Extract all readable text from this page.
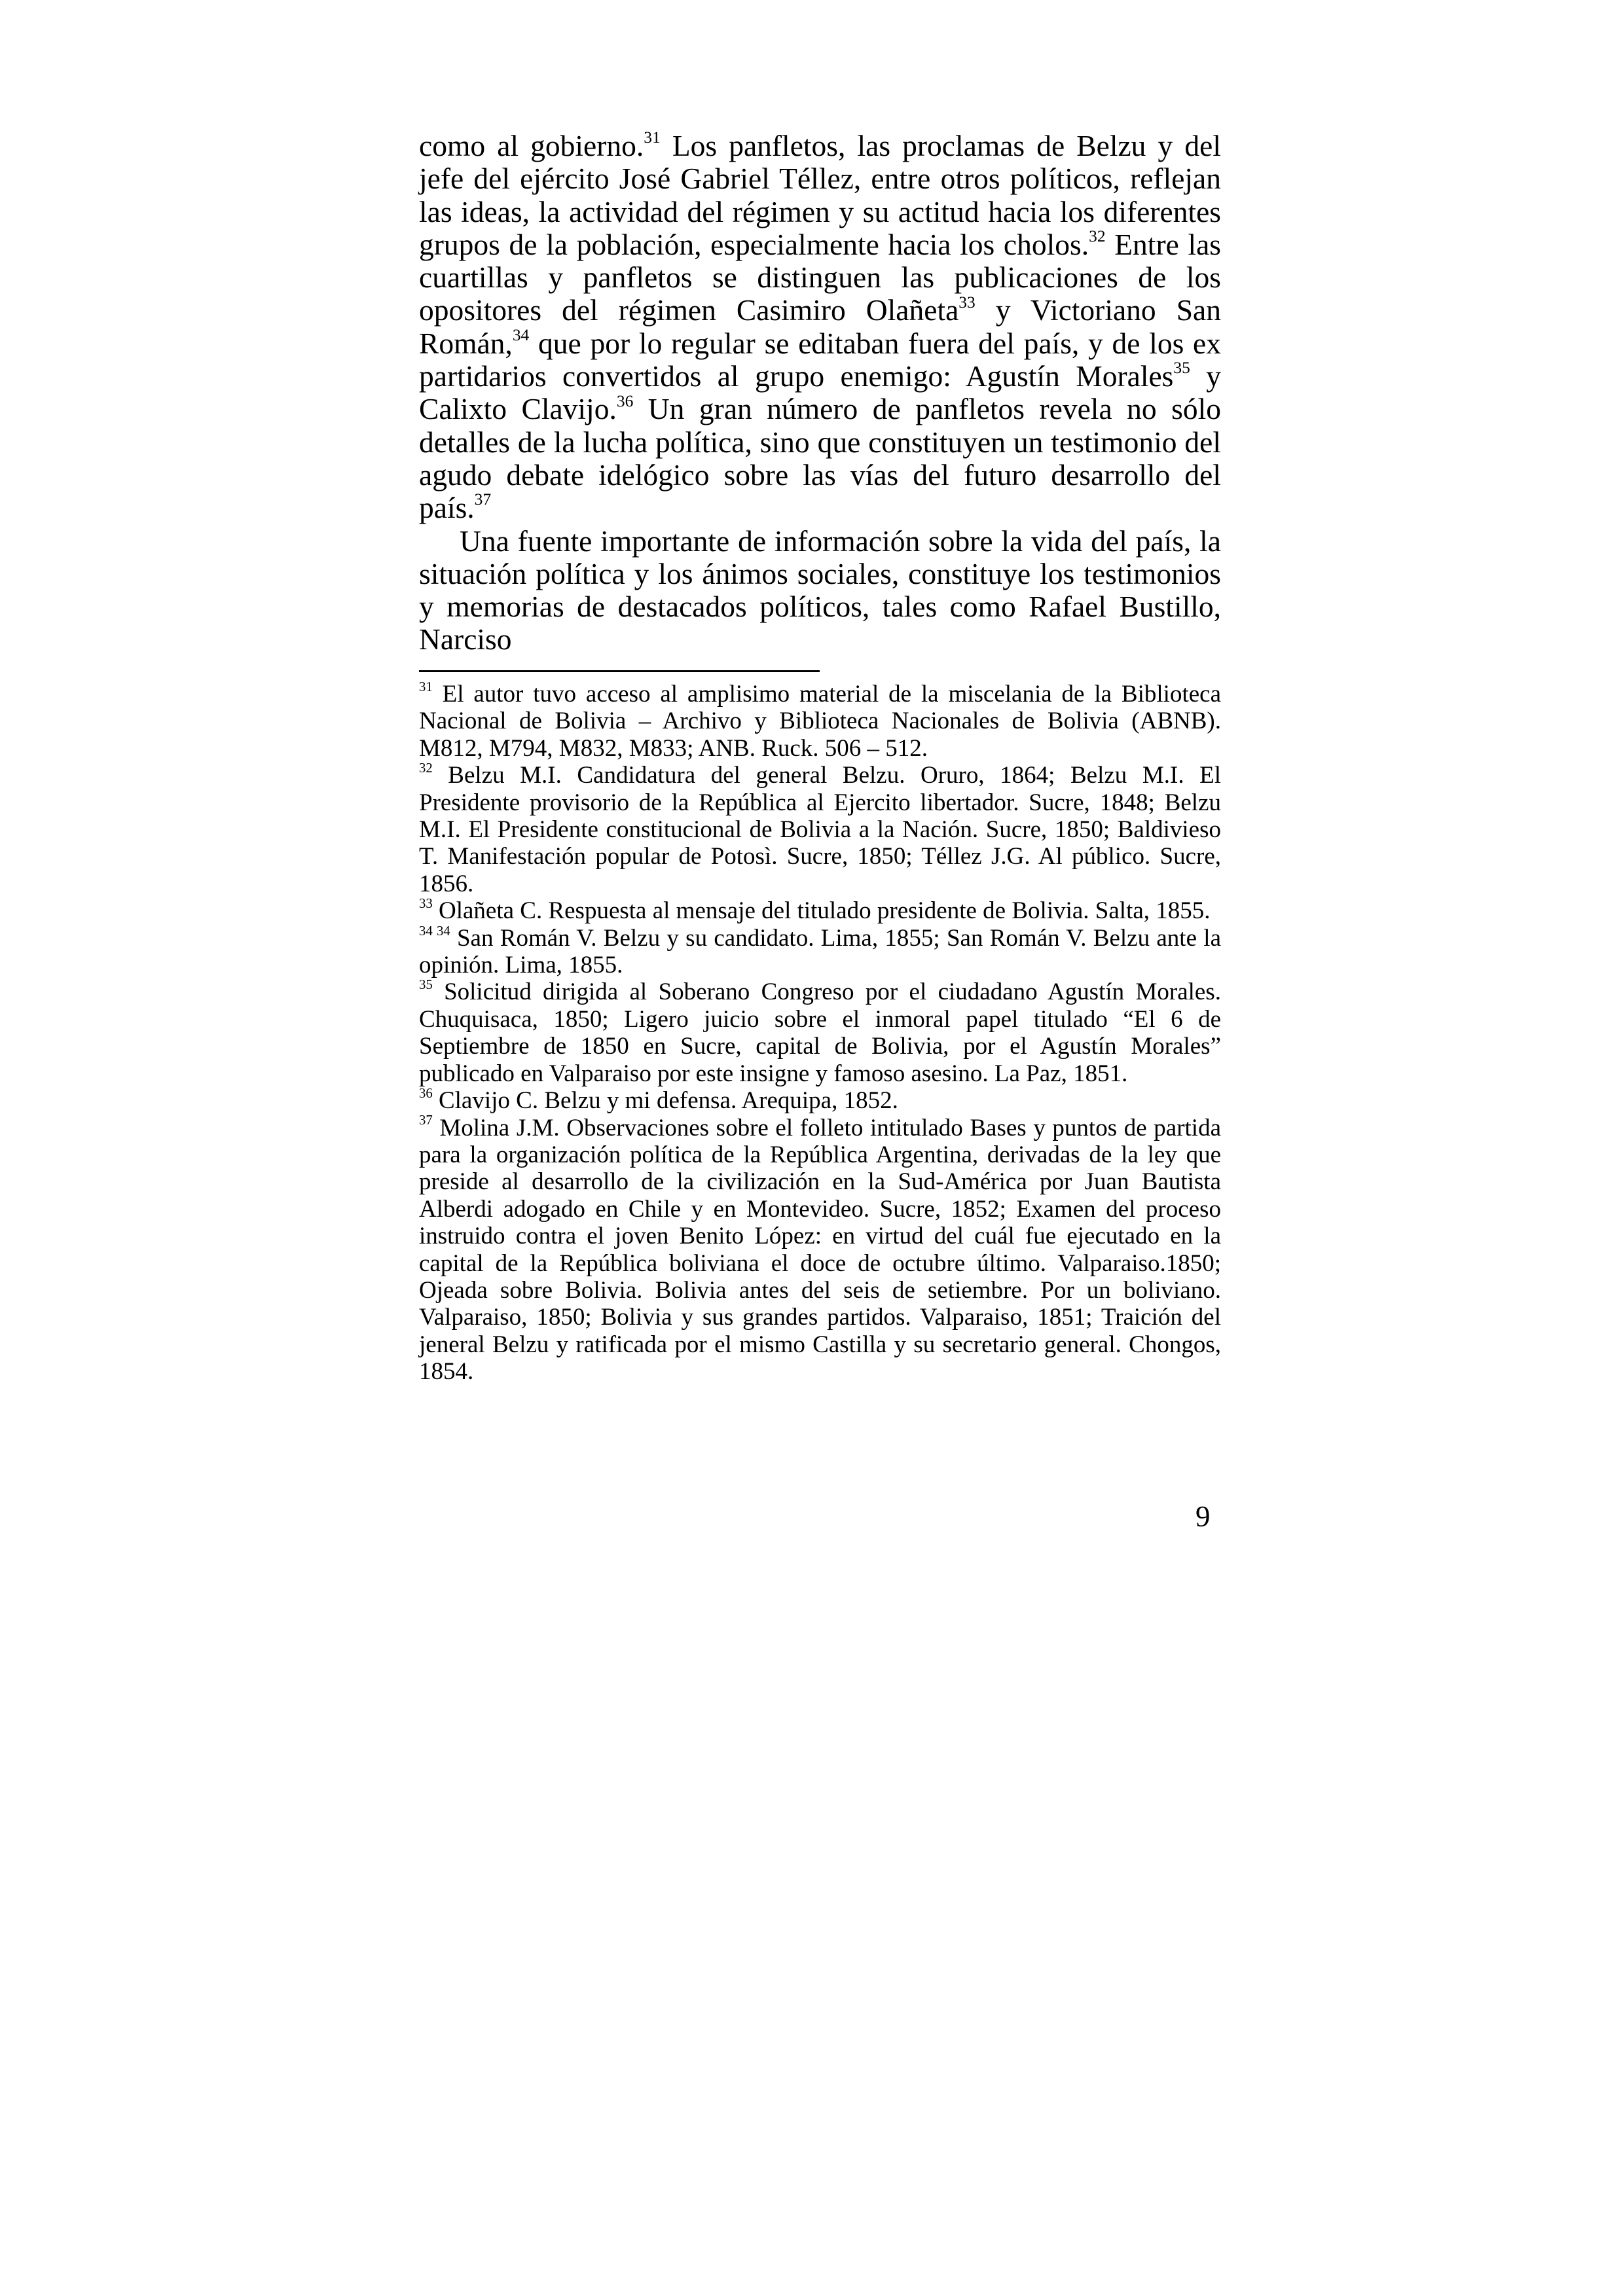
como al gobierno.$^{31}$ Los panfletos, las proclamas de Belzu y del jefe del ejército José Gabriel Téllez, entre otros políticos, reflejan las ideas, la actividad del régimen y su actitud hacia los diferentes grupos de la población, especialmente hacia los cholos.$^{32}$ Entre las cuartillas y panfletos se distinguen las publicaciones de los opositores del régimen Casimiro Olañeta$^{33}$ y Victoriano San Román,$^{34}$ que por lo regular se editaban fuera del país, y de los ex partidarios convertidos al grupo enemigo: Agustín Morales$^{35}$ y Calixto Clavijo.$^{36}$ Un gran número de panfletos revela no sólo detalles de la lucha política, sino que constituyen un testimonio del agudo debate idelógico sobre las vías del futuro desarrollo del país.$^{37}$

Una fuente importante de información sobre la vida del país, la situación política y los ánimos sociales, constituye los testimonios y memorias de destacados políticos, tales como Rafael Bustillo, Narciso

$^{31}$ El autor tuvo acceso al amplisimo material de la miscelania de la Biblioteca Nacional de Bolivia – Archivo y Biblioteca Nacionales de Bolivia (ABNB). M812, M794, M832, M833; ANB. Ruck. 506 – 512.

$^{32}$ Belzu M.I. Candidatura del general Belzu. Oruro, 1864; Belzu M.I. El Presidente provisorio de la República al Ejercito libertador. Sucre, 1848; Belzu M.I. El Presidente constitucional de Bolivia a la Nación. Sucre, 1850; Baldivieso T. Manifestación popular de Potosì. Sucre, 1850; Téllez J.G. Al público. Sucre, 1856.

$^{33}$ Olañeta C. Respuesta al mensaje del titulado presidente de Bolivia. Salta, 1855.

$^{34 34}$ San Román V. Belzu y su candidato. Lima, 1855; San Román V. Belzu ante la opinión. Lima, 1855.

$^{35}$ Solicitud dirigida al Soberano Congreso por el ciudadano Agustín Morales. Chuquisaca, 1850; Ligero juicio sobre el inmoral papel titulado “El 6 de Septiembre de 1850 en Sucre, capital de Bolivia, por el Agustín Morales” publicado en Valparaiso por este insigne y famoso asesino. La Paz, 1851.

$^{36}$ Clavijo C. Belzu y mi defensa. Arequipa, 1852.

$^{37}$ Molina J.M. Observaciones sobre el folleto intitulado Bases y puntos de partida para la organización política de la República Argentina, derivadas de la ley que preside al desarrollo de la civilización en la Sud-América por Juan Bautista Alberdi adogado en Chile y en Montevideo. Sucre, 1852; Examen del proceso instruido contra el joven Benito López: en virtud del cuál fue ejecutado en la capital de la República boliviana el doce de octubre último. Valparaiso.1850; Ojeada sobre Bolivia. Bolivia antes del seis de setiembre. Por un boliviano. Valparaiso, 1850; Bolivia y sus grandes partidos. Valparaiso, 1851; Traición del jeneral Belzu y ratificada por el mismo Castilla y su secretario general. Chongos, 1854.

9
